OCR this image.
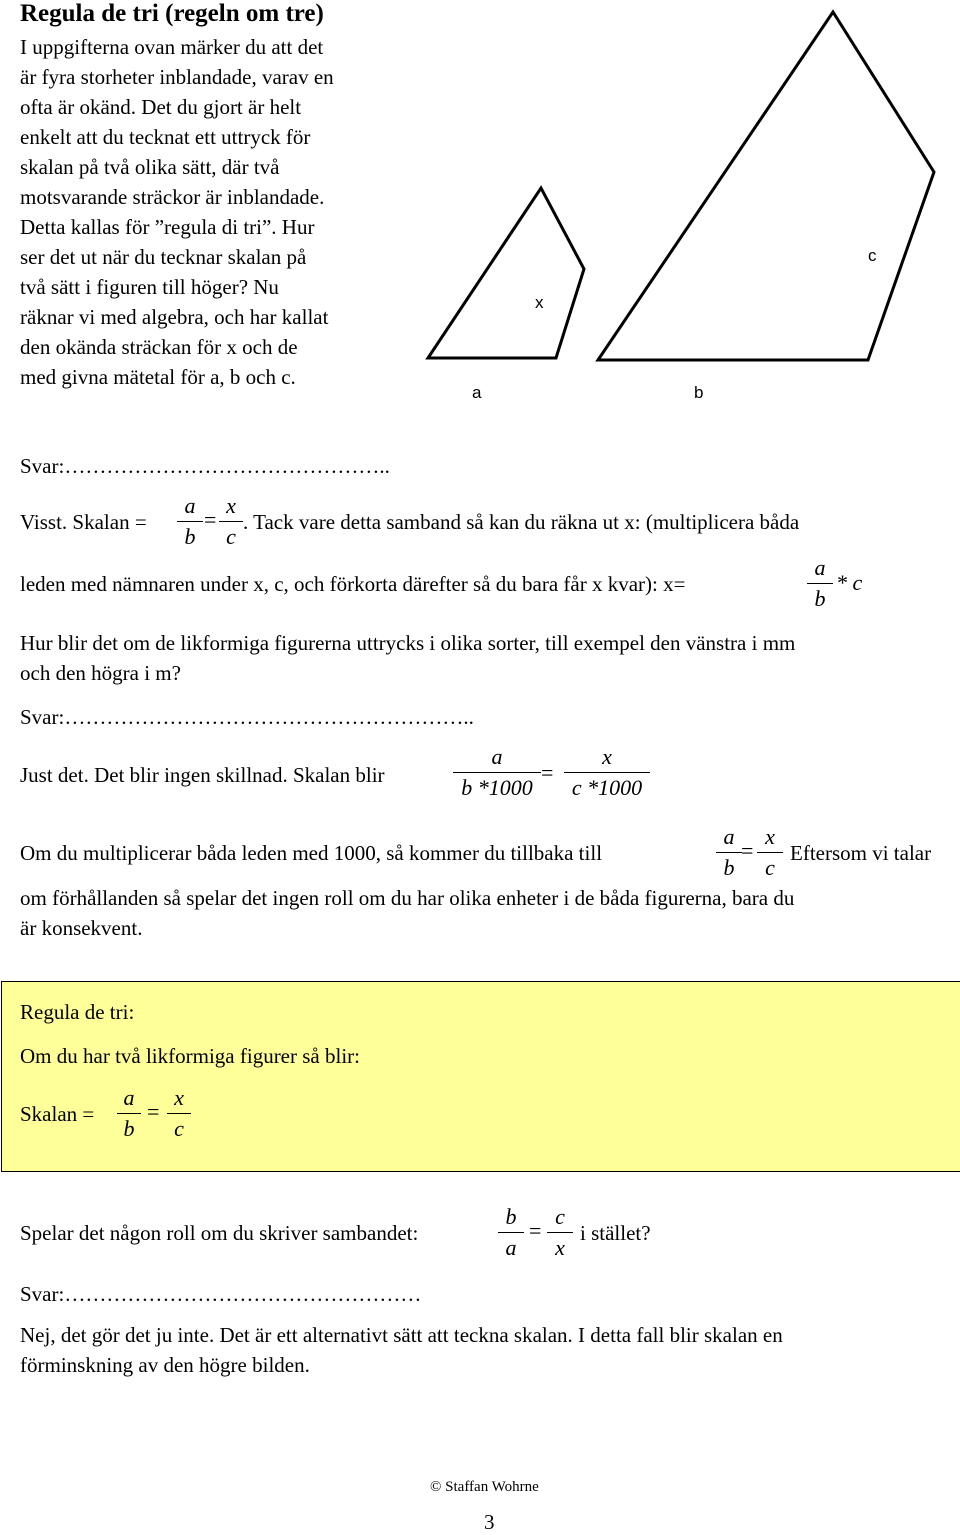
Regula de tri (regeln om tre)
I uppgifterna ovan märker du att det
är fyra storheter inblandade, varav en
ofta är okänd. Det du gjort är helt
enkelt att du tecknat ett uttryck för
skalan på två olika sätt, där två
motsvarande sträckor är inblandade.
Detta kallas för ”regula di tri”. Hur
ser det ut när du tecknar skalan på
två sätt i figuren till höger? Nu
räknar vi med algebra, och har kallat
den okända sträckan för x och de
med givna mätetal för a, b och c.
x
a	b
c
Svar:………………………………………..
Visst. Skalan =
a
b
=
x
c
. Tack vare detta samband så kan du räkna ut x: (multiplicera båda
leden med nämnaren under x, c, och förkorta därefter så du bara får x kvar): x=
a
b
* c
Hur blir det om de likformiga figurerna uttrycks i olika sorter, till exempel den vänstra i mm
och den högra i m?
Svar:…………………………………………………..
Just det. Det blir ingen skillnad. Skalan blir
a
b *1000
=
x
c *1000
Om du multiplicerar båda leden med 1000, så kommer du tillbaka till
a
b
=
x
c
Eftersom vi talar
om förhållanden så spelar det ingen roll om du har olika enheter i de båda figurerna, bara du
är konsekvent.
Regula de tri:
Om du har två likformiga figurer så blir:
Skalan =
a
b
=
x
c
Spelar det någon roll om du skriver sambandet:
b
a
=
c
x
i stället?
Svar:……………………………………………
Nej, det gör det ju inte. Det är ett alternativt sätt att teckna skalan. I detta fall blir skalan en
förminskning av den högre bilden.
© Staffan Wohrne
3
